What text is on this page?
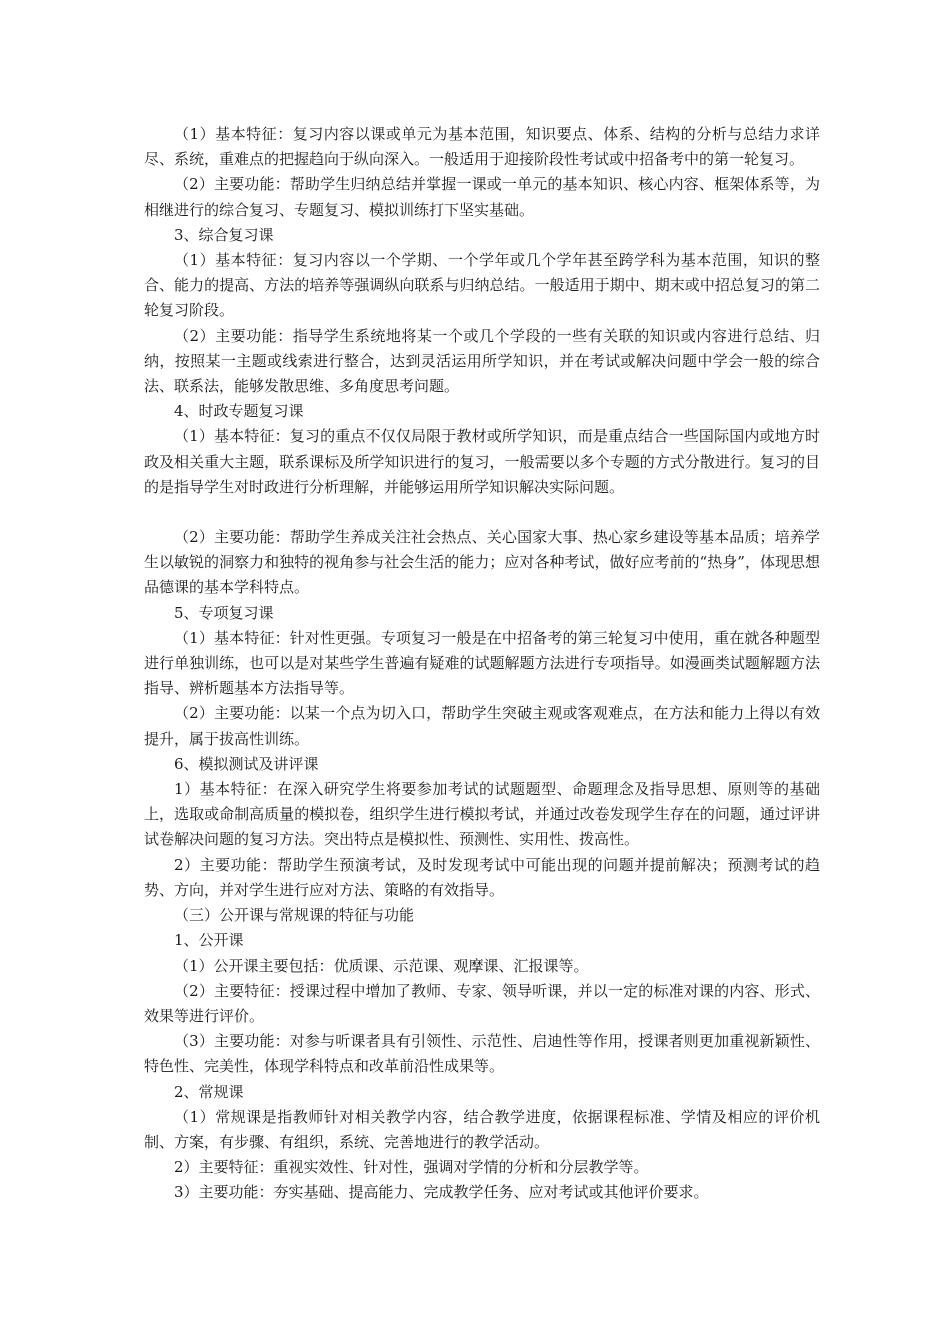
（1）基本特征：复习内容以课或单元为基本范围，知识要点、体系、结构的分析与总结力求详尽、系统，重难点的把握趋向于纵向深入。一般适用于迎接阶段性考试或中招备考中的第一轮复习。

（2）主要功能：帮助学生归纳总结并掌握一课或一单元的基本知识、核心内容、框架体系等，为相继进行的综合复习、专题复习、模拟训练打下坚实基础。

3、综合复习课

（1）基本特征：复习内容以一个学期、一个学年或几个学年甚至跨学科为基本范围，知识的整合、能力的提高、方法的培养等强调纵向联系与归纳总结。一般适用于期中、期末或中招总复习的第二轮复习阶段。

（2）主要功能：指导学生系统地将某一个或几个学段的一些有关联的知识或内容进行总结、归纳，按照某一主题或线索进行整合，达到灵活运用所学知识，并在考试或解决问题中学会一般的综合法、联系法，能够发散思维、多角度思考问题。

4、时政专题复习课

（1）基本特征：复习的重点不仅仅局限于教材或所学知识，而是重点结合一些国际国内或地方时政及相关重大主题，联系课标及所学知识进行的复习，一般需要以多个专题的方式分散进行。复习的目的是指导学生对时政进行分析理解，并能够运用所学知识解决实际问题。

（2）主要功能：帮助学生养成关注社会热点、关心国家大事、热心家乡建设等基本品质；培养学生以敏锐的洞察力和独特的视角参与社会生活的能力；应对各种考试，做好应考前的“热身”，体现思想品德课的基本学科特点。

5、专项复习课

（1）基本特征：针对性更强。专项复习一般是在中招备考的第三轮复习中使用，重在就各种题型进行单独训练，也可以是对某些学生普遍有疑难的试题解题方法进行专项指导。如漫画类试题解题方法指导、辨析题基本方法指导等。

（2）主要功能：以某一个点为切入口，帮助学生突破主观或客观难点，在方法和能力上得以有效提升，属于拔高性训练。

6、模拟测试及讲评课

1）基本特征：在深入研究学生将要参加考试的试题题型、命题理念及指导思想、原则等的基础上，选取或命制高质量的模拟卷，组织学生进行模拟考试，并通过改卷发现学生存在的问题，通过评讲试卷解决问题的复习方法。突出特点是模拟性、预测性、实用性、拨高性。

2）主要功能：帮助学生预演考试，及时发现考试中可能出现的问题并提前解决；预测考试的趋势、方向，并对学生进行应对方法、策略的有效指导。

（三）公开课与常规课的特征与功能

1、公开课

（1）公开课主要包括：优质课、示范课、观摩课、汇报课等。

（2）主要特征：授课过程中增加了教师、专家、领导听课，并以一定的标准对课的内容、形式、效果等进行评价。

（3）主要功能：对参与听课者具有引领性、示范性、启迪性等作用，授课者则更加重视新颖性、特色性、完美性，体现学科特点和改革前沿性成果等。

2、常规课

（1）常规课是指教师针对相关教学内容，结合教学进度，依据课程标准、学情及相应的评价机制、方案，有步骤、有组织，系统、完善地进行的教学活动。

2）主要特征：重视实效性、针对性，强调对学情的分析和分层教学等。

3）主要功能：夯实基础、提高能力、完成教学任务、应对考试或其他评价要求。
